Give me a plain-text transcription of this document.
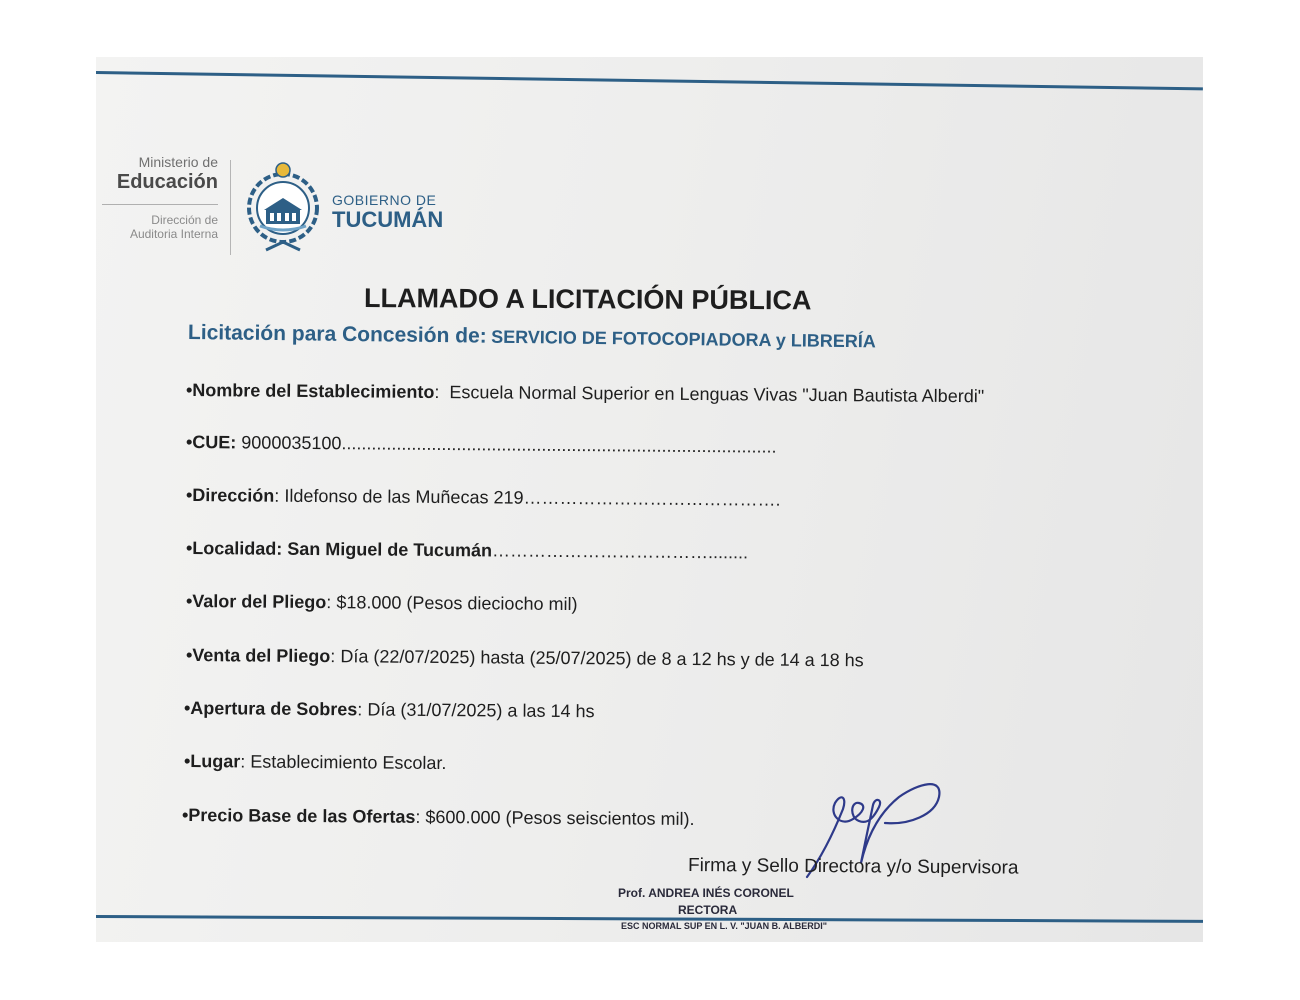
Ministerio de
Educación
Dirección de
Auditoria Interna
GOBIERNO DE
TUCUMÁN
LLAMADO A LICITACIÓN PÚBLICA
Licitación para Concesión de: SERVICIO DE FOTOCOPIADORA y LIBRERÍA
•Nombre del Establecimiento: Escuela Normal Superior en Lenguas Vivas "Juan Bautista Alberdi"
•CUE: 9000035100.......................................................................................
•Dirección: Ildefonso de las Muñecas 219…………………………………….
•Localidad: San Miguel de Tucumán………………………………........
•Valor del Pliego: $18.000 (Pesos dieciocho mil)
•Venta del Pliego: Día (22/07/2025) hasta (25/07/2025) de 8 a 12 hs y de 14 a 18 hs
•Apertura de Sobres: Día (31/07/2025) a las 14 hs
•Lugar: Establecimiento Escolar.
•Precio Base de las Ofertas: $600.000 (Pesos seiscientos mil).
Firma y Sello Directora y/o Supervisora
Prof. ANDREA INÉS CORONEL
RECTORA
ESC NORMAL SUP EN L. V. "JUAN B. ALBERDI"
